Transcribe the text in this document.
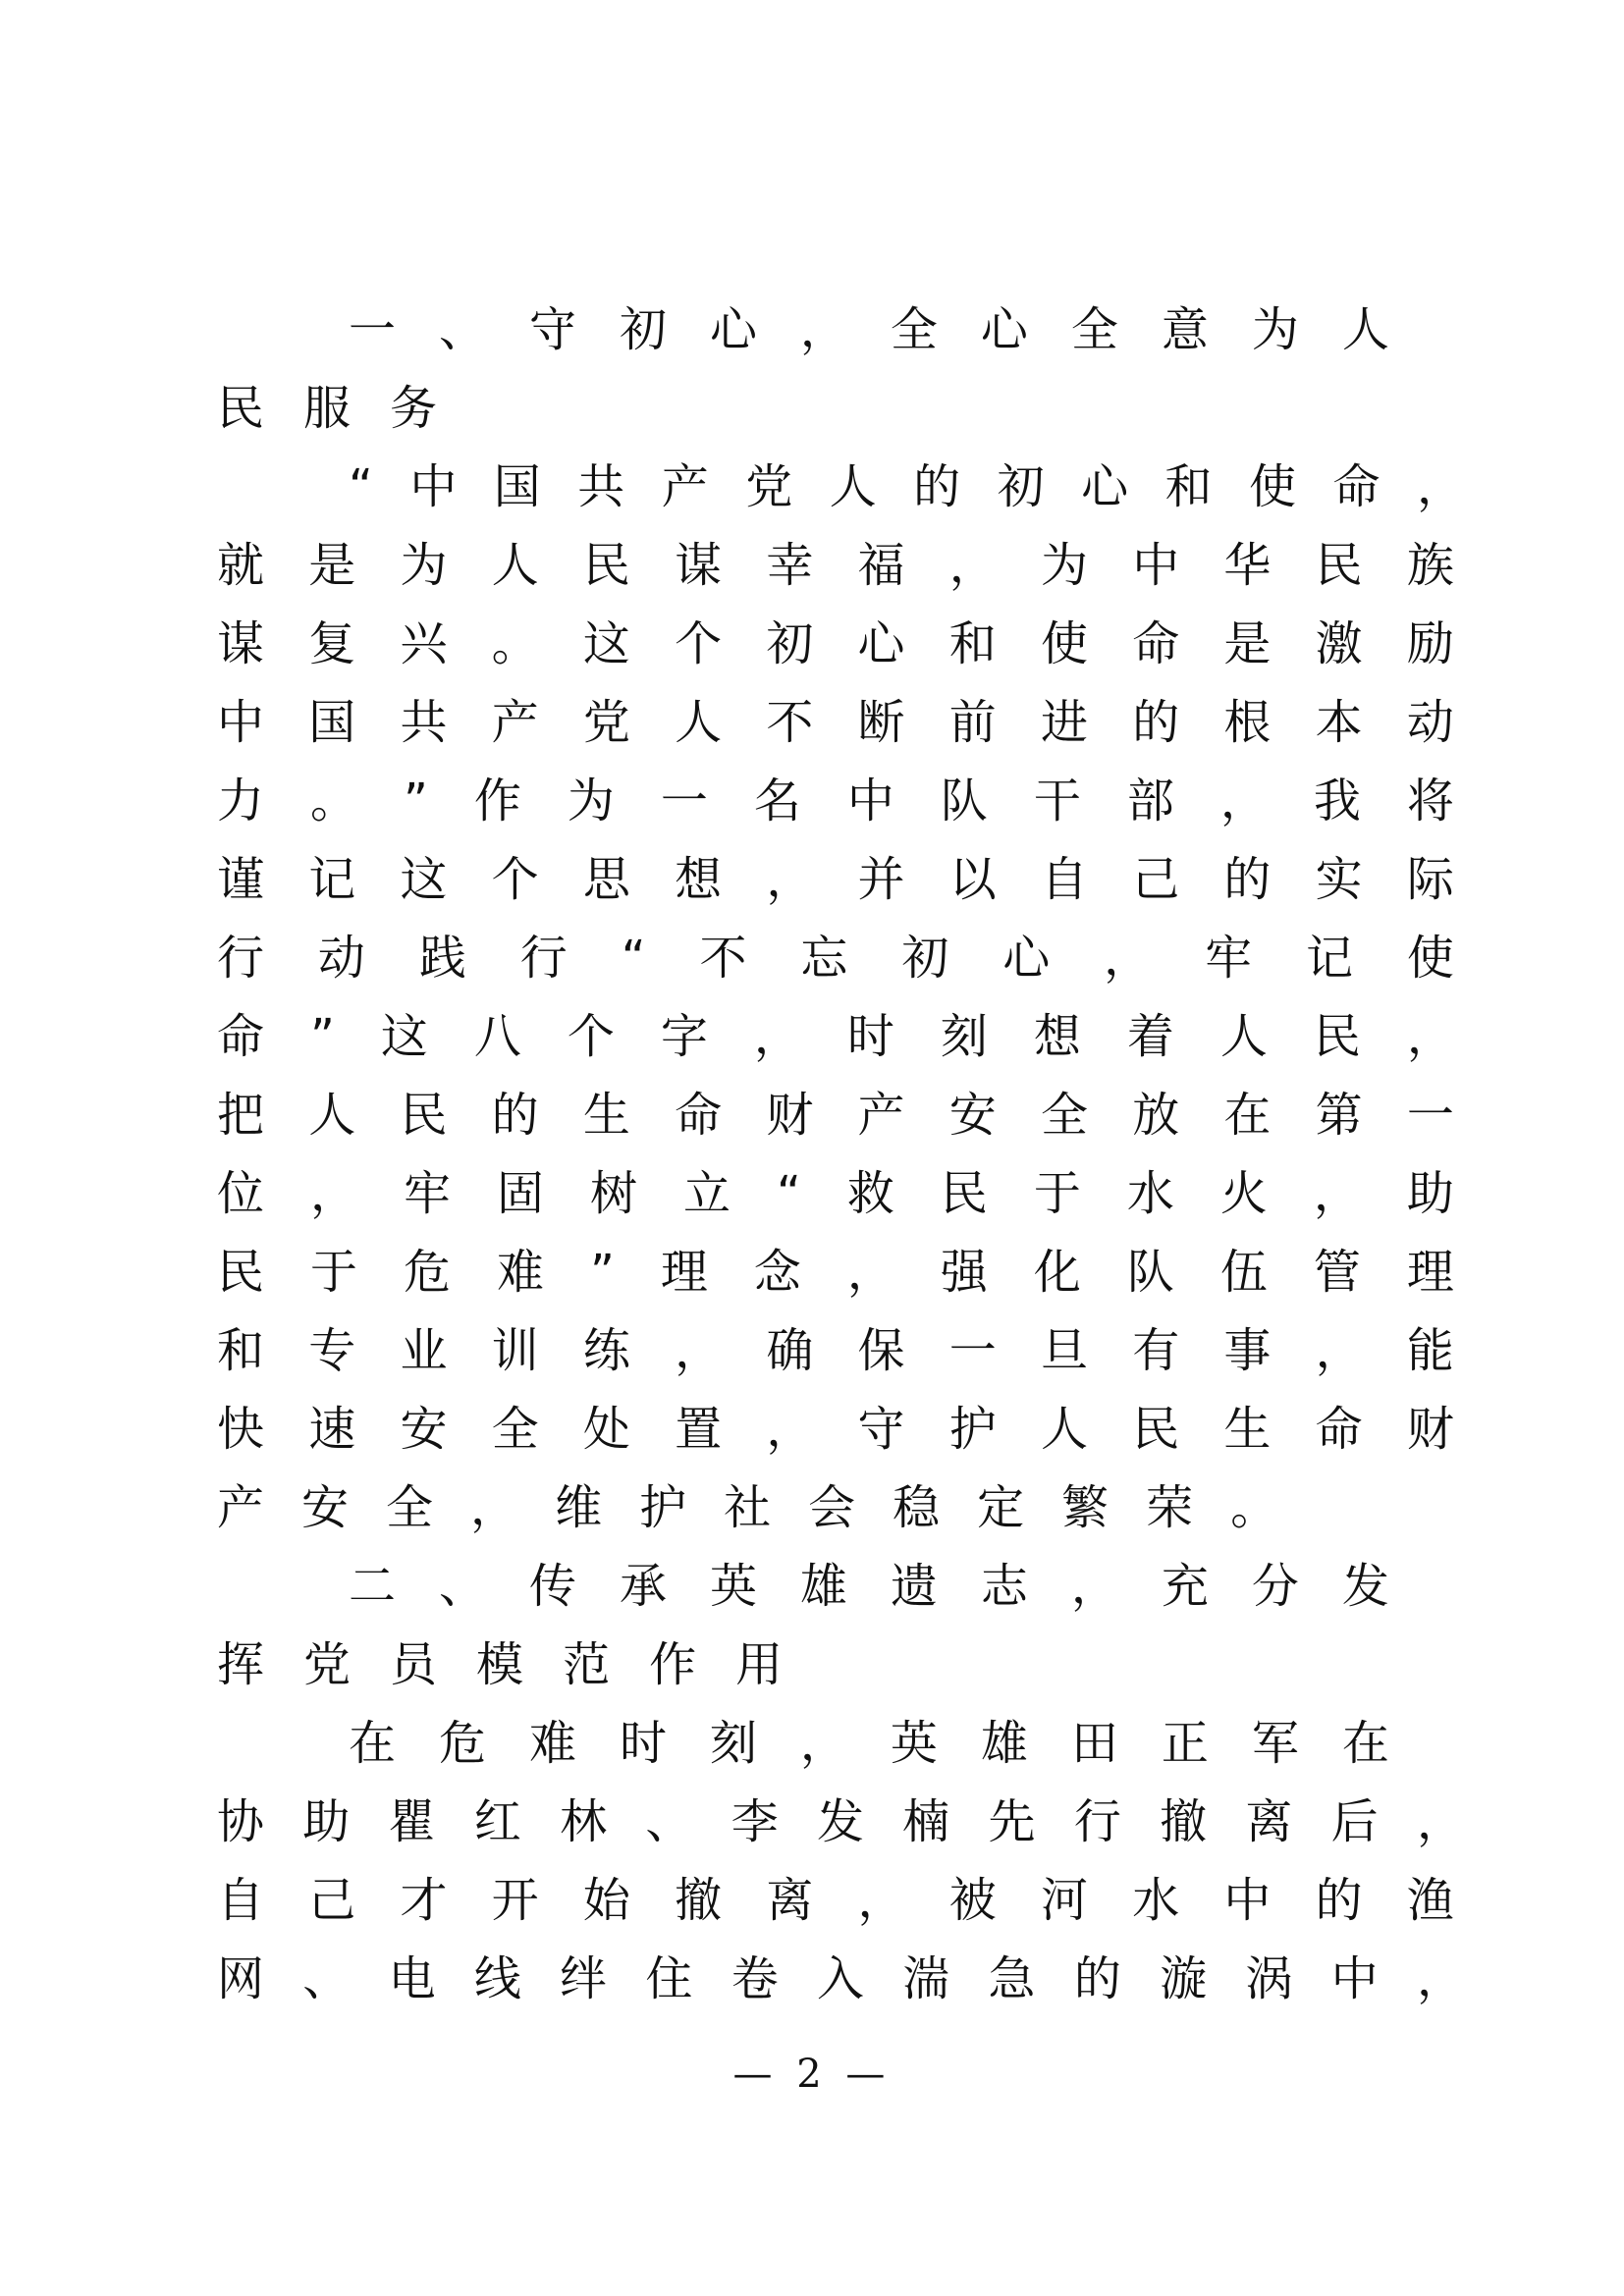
一 、 守 初 心 ， 全 心 全 意 为 人
民 服 务
“ 中 国 共 产 党 人 的 初 心 和 使 命 ，
就 是 为 人 民 谋 幸 福 ， 为 中 华 民 族
谋 复 兴 。 这 个 初 心 和 使 命 是 激 励
中 国 共 产 党 人 不 断 前 进 的 根 本 动
力 。 ” 作 为 一 名 中 队 干 部 ， 我 将
谨 记 这 个 思 想 ， 并 以 自 己 的 实 际
行 动 践 行 “ 不 忘 初 心 ， 牢 记 使
命 ” 这 八 个 字 ， 时 刻 想 着 人 民 ，
把 人 民 的 生 命 财 产 安 全 放 在 第 一
位 ， 牢 固 树 立 “ 救 民 于 水 火 ， 助
民 于 危 难 ” 理 念 ， 强 化 队 伍 管 理
和 专 业 训 练 ， 确 保 一 旦 有 事 ， 能
快 速 安 全 处 置 ， 守 护 人 民 生 命 财
产 安 全 ， 维 护 社 会 稳 定 繁 荣 。
二 、 传 承 英 雄 遗 志 ， 充 分 发
挥 党 员 模 范 作 用
在 危 难 时 刻 ， 英 雄 田 正 军 在
协 助 瞿 红 林 、 李 发 楠 先 行 撤 离 后 ，
自 己 才 开 始 撤 离 ， 被 河 水 中 的 渔
网 、 电 线 绊 住 卷 入 湍 急 的 漩 涡 中 ，
— 2 —
